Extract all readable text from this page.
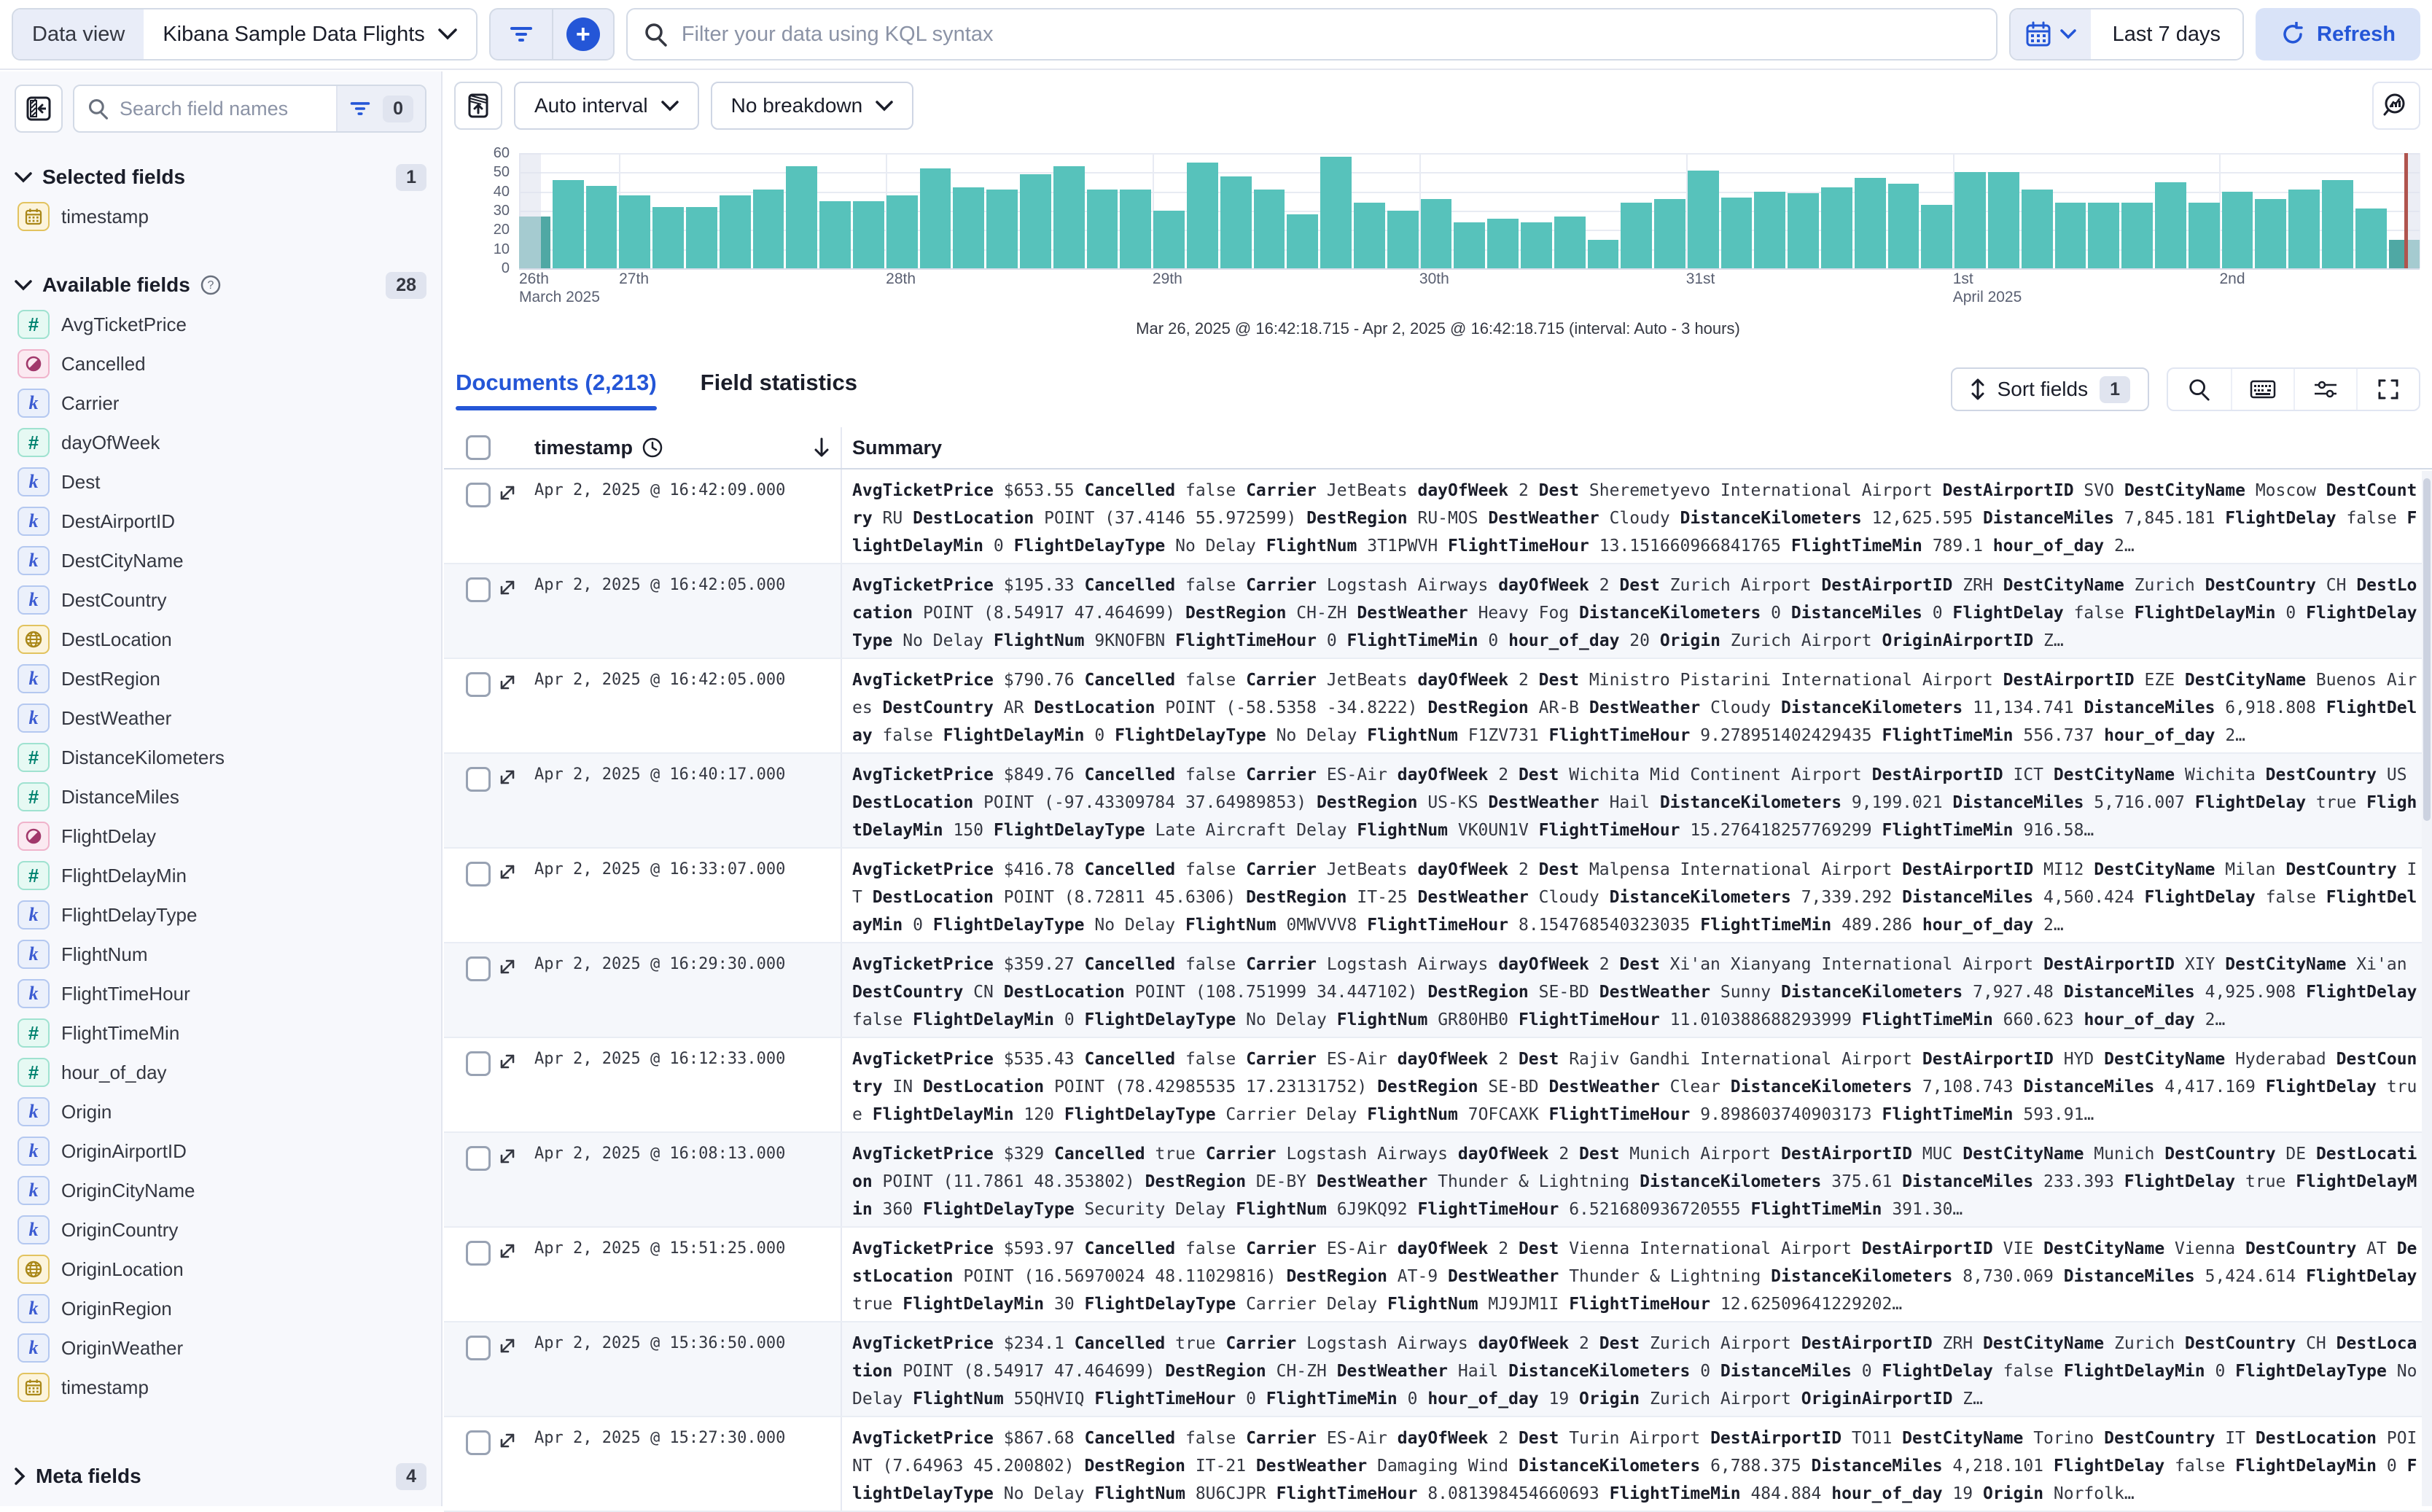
Data view	Kibana Sample Data Flights	+	Filter your data using KQL syntax	Last 7 days	Refresh
Search field names	0
Selected fields	1
timestamp
Available fields ?	28
#	AvgTicketPrice
Cancelled
k	Carrier
#	dayOfWeek
k	Dest
k	DestAirportID
k	DestCityName
k	DestCountry
DestLocation
k	DestRegion
k	DestWeather
#	DistanceKilometers
#	DistanceMiles
FlightDelay
#	FlightDelayMin
k	FlightDelayType
k	FlightNum
k	FlightTimeHour
#	FlightTimeMin
#	hour_of_day
k	Origin
k	OriginAirportID
k	OriginCityName
k	OriginCountry
OriginLocation
k	OriginRegion
k	OriginWeather
timestamp
Meta fields	4
Auto interval	No breakdown
0
10
20
30
40
50
60
26th
March 2025
27th	28th	29th	30th	31st	1st
April 2025
2nd
Mar 26, 2025 @ 16:42:18.715 - Apr 2, 2025 @ 16:42:18.715 (interval: Auto - 3 hours)
Documents (2,213) Field statistics	Sort fields	1
timestamp	Summary
Apr 2, 2025 @ 16:42:09.000	AvgTicketPrice $653.55 Cancelled false Carrier JetBeats dayOfWeek 2 Dest Sheremetyevo International Airport DestAirportID SVO DestCityName Moscow DestCountry RU DestLocation POINT (37.4146 55.972599) DestRegion RU-MOS DestWeather Cloudy DistanceKilometers 12,625.595 DistanceMiles 7,845.181 FlightDelay false FlightDelayMin 0 FlightDelayType No Delay FlightNum 3T1PWVH FlightTimeHour 13.151660966841765 FlightTimeMin 789.1 hour_of_day 2…
Apr 2, 2025 @ 16:42:05.000	AvgTicketPrice $195.33 Cancelled false Carrier Logstash Airways dayOfWeek 2 Dest Zurich Airport DestAirportID ZRH DestCityName Zurich DestCountry CH DestLocation POINT (8.54917 47.464699) DestRegion CH-ZH DestWeather Heavy Fog DistanceKilometers 0 DistanceMiles 0 FlightDelay false FlightDelayMin 0 FlightDelayType No Delay FlightNum 9KNOFBN FlightTimeHour 0 FlightTimeMin 0 hour_of_day 20 Origin Zurich Airport OriginAirportID Z…
Apr 2, 2025 @ 16:42:05.000	AvgTicketPrice $790.76 Cancelled false Carrier JetBeats dayOfWeek 2 Dest Ministro Pistarini International Airport DestAirportID EZE DestCityName Buenos Aires DestCountry AR DestLocation POINT (-58.5358 -34.8222) DestRegion AR-B DestWeather Cloudy DistanceKilometers 11,134.741 DistanceMiles 6,918.808 FlightDelay false FlightDelayMin 0 FlightDelayType No Delay FlightNum F1ZV731 FlightTimeHour 9.278951402429435 FlightTimeMin 556.737 hour_of_day 2…
Apr 2, 2025 @ 16:40:17.000	AvgTicketPrice $849.76 Cancelled false Carrier ES-Air dayOfWeek 2 Dest Wichita Mid Continent Airport DestAirportID ICT DestCityName Wichita DestCountry US DestLocation POINT (-97.43309784 37.64989853) DestRegion US-KS DestWeather Hail DistanceKilometers 9,199.021 DistanceMiles 5,716.007 FlightDelay true FlightDelayMin 150 FlightDelayType Late Aircraft Delay FlightNum VK0UN1V FlightTimeHour 15.276418257769299 FlightTimeMin 916.58…
Apr 2, 2025 @ 16:33:07.000	AvgTicketPrice $416.78 Cancelled false Carrier JetBeats dayOfWeek 2 Dest Malpensa International Airport DestAirportID MI12 DestCityName Milan DestCountry IT DestLocation POINT (8.72811 45.6306) DestRegion IT-25 DestWeather Cloudy DistanceKilometers 7,339.292 DistanceMiles 4,560.424 FlightDelay false FlightDelayMin 0 FlightDelayType No Delay FlightNum 0MWVVV8 FlightTimeHour 8.154768540323035 FlightTimeMin 489.286 hour_of_day 2…
Apr 2, 2025 @ 16:29:30.000	AvgTicketPrice $359.27 Cancelled false Carrier Logstash Airways dayOfWeek 2 Dest Xi'an Xianyang International Airport DestAirportID XIY DestCityName Xi'an DestCountry CN DestLocation POINT (108.751999 34.447102) DestRegion SE-BD DestWeather Sunny DistanceKilometers 7,927.48 DistanceMiles 4,925.908 FlightDelay false FlightDelayMin 0 FlightDelayType No Delay FlightNum GR80HB0 FlightTimeHour 11.010388688293999 FlightTimeMin 660.623 hour_of_day 2…
Apr 2, 2025 @ 16:12:33.000	AvgTicketPrice $535.43 Cancelled false Carrier ES-Air dayOfWeek 2 Dest Rajiv Gandhi International Airport DestAirportID HYD DestCityName Hyderabad DestCountry IN DestLocation POINT (78.42985535 17.23131752) DestRegion SE-BD DestWeather Clear DistanceKilometers 7,108.743 DistanceMiles 4,417.169 FlightDelay true FlightDelayMin 120 FlightDelayType Carrier Delay FlightNum 7OFCAXK FlightTimeHour 9.898603740903173 FlightTimeMin 593.91…
Apr 2, 2025 @ 16:08:13.000	AvgTicketPrice $329 Cancelled true Carrier Logstash Airways dayOfWeek 2 Dest Munich Airport DestAirportID MUC DestCityName Munich DestCountry DE DestLocation POINT (11.7861 48.353802) DestRegion DE-BY DestWeather Thunder & Lightning DistanceKilometers 375.61 DistanceMiles 233.393 FlightDelay true FlightDelayMin 360 FlightDelayType Security Delay FlightNum 6J9KQ92 FlightTimeHour 6.521680936720555 FlightTimeMin 391.30…
Apr 2, 2025 @ 15:51:25.000	AvgTicketPrice $593.97 Cancelled false Carrier ES-Air dayOfWeek 2 Dest Vienna International Airport DestAirportID VIE DestCityName Vienna DestCountry AT DestLocation POINT (16.56970024 48.11029816) DestRegion AT-9 DestWeather Thunder & Lightning DistanceKilometers 8,730.069 DistanceMiles 5,424.614 FlightDelay true FlightDelayMin 30 FlightDelayType Carrier Delay FlightNum MJ9JM1I FlightTimeHour 12.62509641229202…
Apr 2, 2025 @ 15:36:50.000	AvgTicketPrice $234.1 Cancelled true Carrier Logstash Airways dayOfWeek 2 Dest Zurich Airport DestAirportID ZRH DestCityName Zurich DestCountry CH DestLocation POINT (8.54917 47.464699) DestRegion CH-ZH DestWeather Hail DistanceKilometers 0 DistanceMiles 0 FlightDelay false FlightDelayMin 0 FlightDelayType No Delay FlightNum 55QHVIQ FlightTimeHour 0 FlightTimeMin 0 hour_of_day 19 Origin Zurich Airport OriginAirportID Z…
Apr 2, 2025 @ 15:27:30.000	AvgTicketPrice $867.68 Cancelled false Carrier ES-Air dayOfWeek 2 Dest Turin Airport DestAirportID TO11 DestCityName Torino DestCountry IT DestLocation POINT (7.64963 45.200802) DestRegion IT-21 DestWeather Damaging Wind DistanceKilometers 6,788.375 DistanceMiles 4,218.101 FlightDelay false FlightDelayMin 0 FlightDelayType No Delay FlightNum 8U6CJPR FlightTimeHour 8.081398454660693 FlightTimeMin 484.884 hour_of_day 19 Origin Norfolk…
